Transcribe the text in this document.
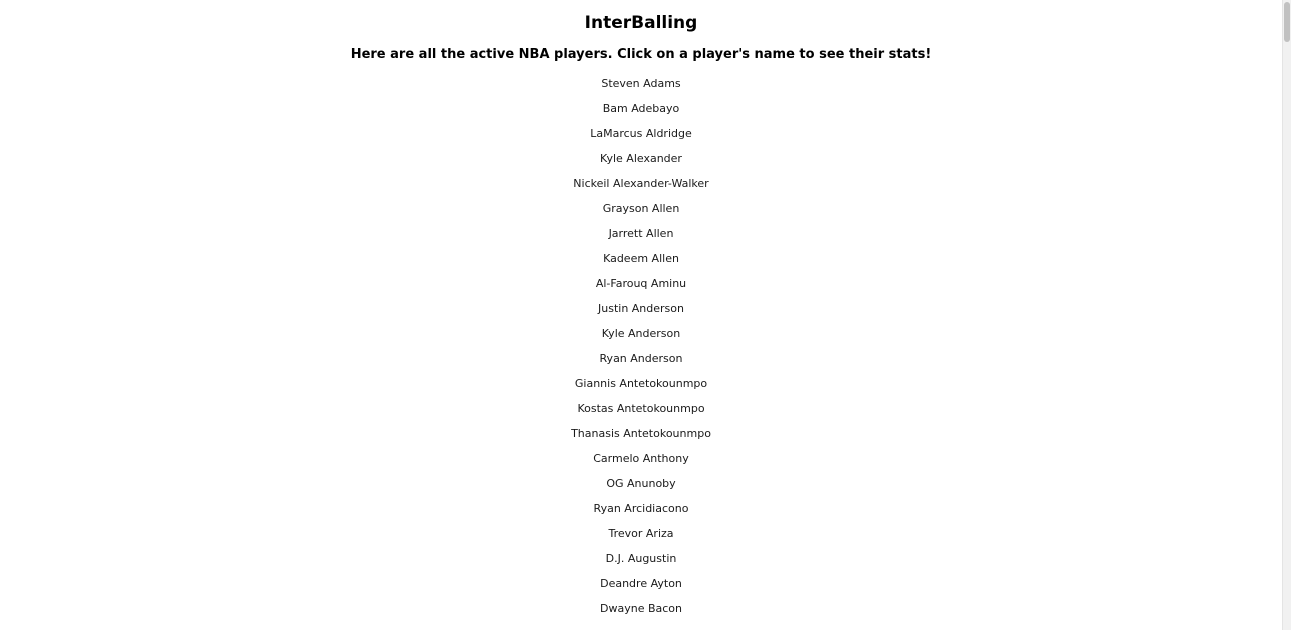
InterBalling
Here are all the active NBA players. Click on a player's name to see their stats!
Steven Adams
Bam Adebayo
LaMarcus Aldridge
Kyle Alexander
Nickeil Alexander-Walker
Grayson Allen
Jarrett Allen
Kadeem Allen
Al-Farouq Aminu
Justin Anderson
Kyle Anderson
Ryan Anderson
Giannis Antetokounmpo
Kostas Antetokounmpo
Thanasis Antetokounmpo
Carmelo Anthony
OG Anunoby
Ryan Arcidiacono
Trevor Ariza
D.J. Augustin
Deandre Ayton
Dwayne Bacon
